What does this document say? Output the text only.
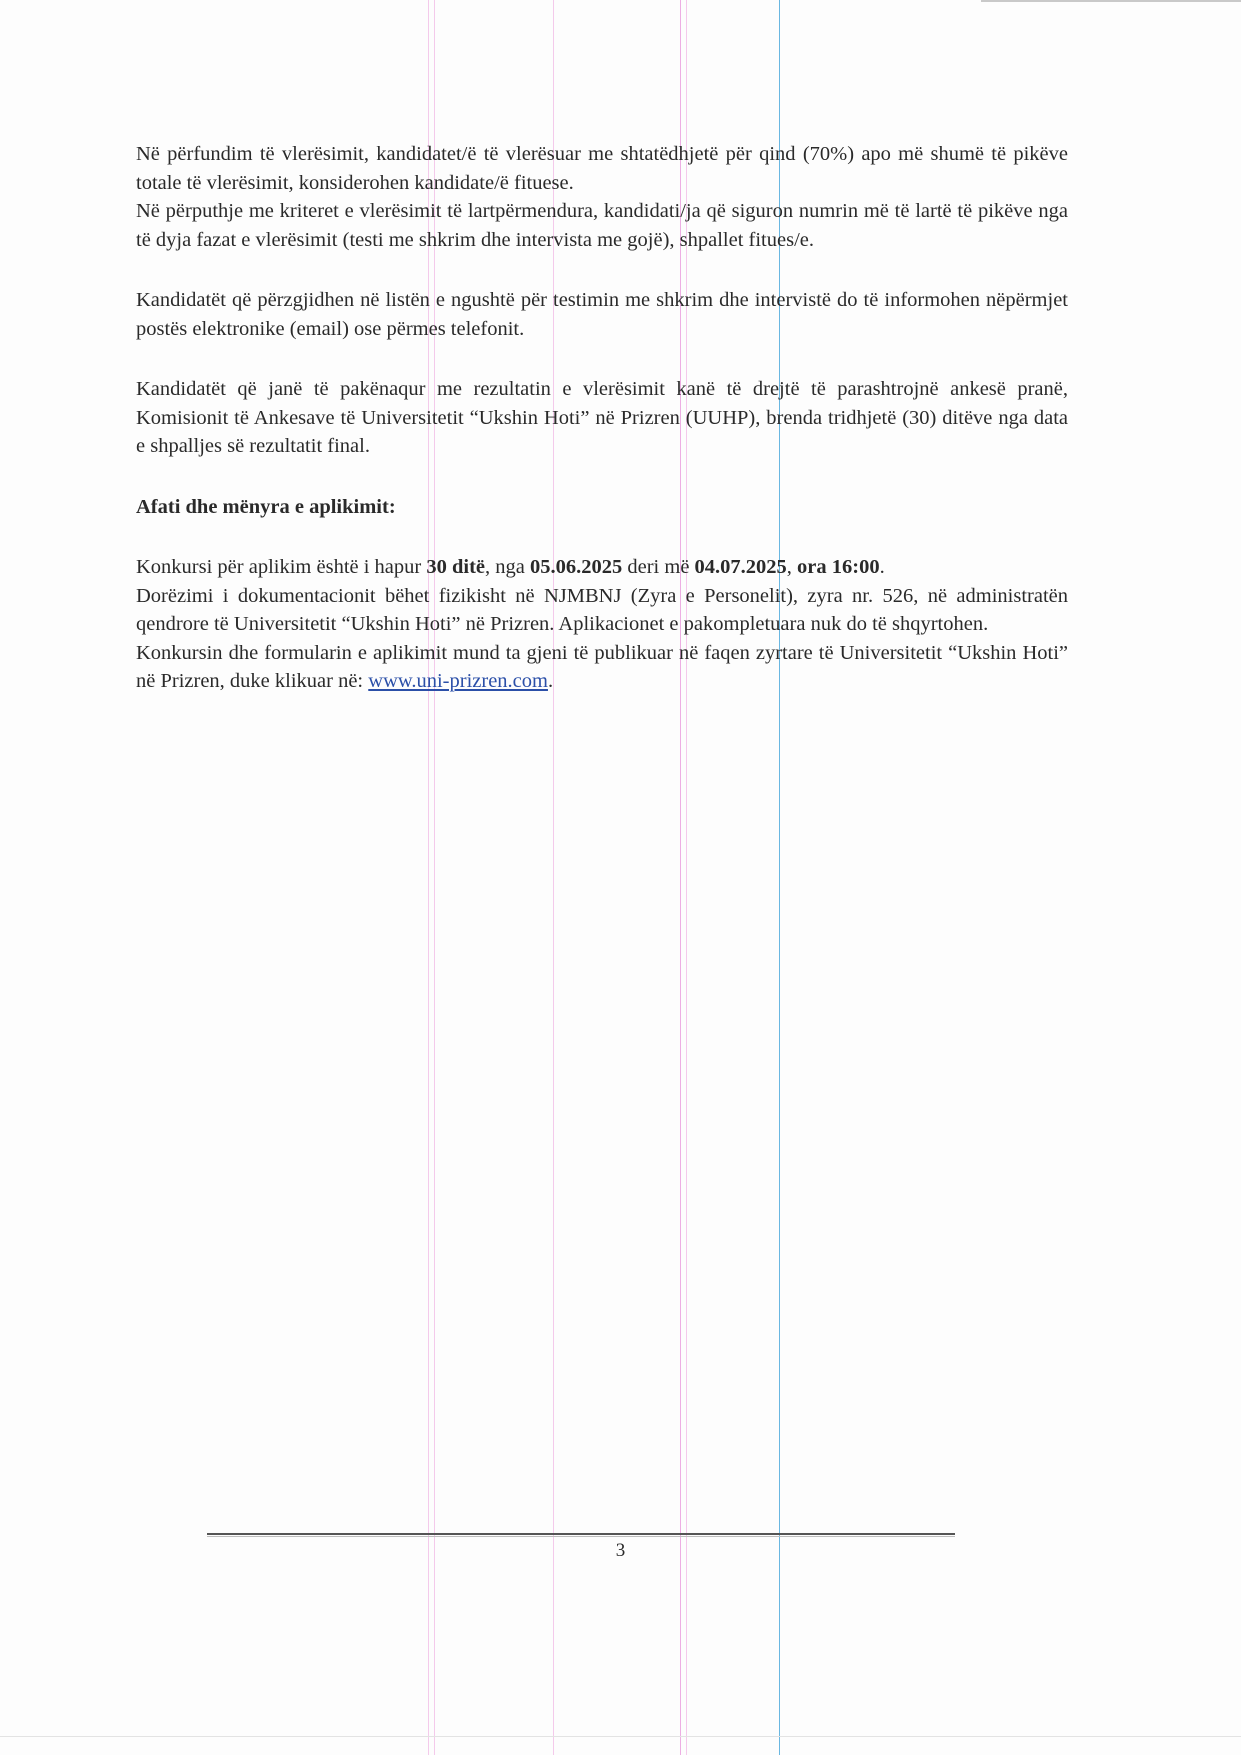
Në përfundim të vlerësimit, kandidatet/ë të vlerësuar me shtatëdhjetë për qind (70%) apo më shumë të pikëve totale të vlerësimit, konsiderohen kandidate/ë fituese.

Në përputhje me kriteret e vlerësimit të lartpërmendura, kandidati/ja që siguron numrin më të lartë të pikëve nga të dyja fazat e vlerësimit (testi me shkrim dhe intervista me gojë), shpallet fitues/e.

Kandidatët që përzgjidhen në listën e ngushtë për testimin me shkrim dhe intervistë do të informohen nëpërmjet postës elektronike (email) ose përmes telefonit.

Kandidatët që janë të pakënaqur me rezultatin e vlerësimit kanë të drejtë të parashtrojnë ankesë pranë, Komisionit të Ankesave të Universitetit “Ukshin Hoti” në Prizren (UUHP), brenda tridhjetë (30) ditëve nga data e shpalljes së rezultatit final.

Afati dhe mënyra e aplikimit:

Konkursi për aplikim është i hapur 30 ditë, nga 05.06.2025 deri më 04.07.2025, ora 16:00.

Dorëzimi i dokumentacionit bëhet fizikisht në NJMBNJ (Zyra e Personelit), zyra nr. 526, në administratën qendrore të Universitetit “Ukshin Hoti” në Prizren. Aplikacionet e pakompletuara nuk do të shqyrtohen.

Konkursin dhe formularin e aplikimit mund ta gjeni të publikuar në faqen zyrtare të Universitetit “Ukshin Hoti” në Prizren, duke klikuar në: www.uni-prizren.com.

3
